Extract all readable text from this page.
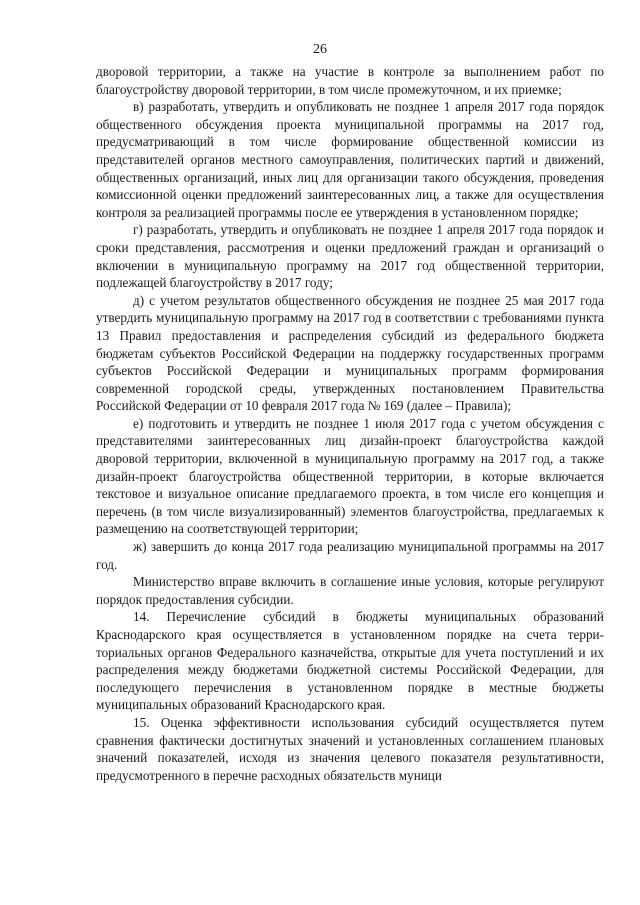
26

дворовой территории, а также на участие в контроле за выполнением работ по благоустройству дворовой территории, в том числе промежуточном, и их приемке;

в) разработать, утвердить и опубликовать не позднее 1 апреля 2017 года порядок общественного обсуждения проекта муниципальной программы на 2017 год, предусматривающий в том числе формирование общественной комиссии из представителей органов местного самоуправления, политических партий и движений, общественных организаций, иных лиц для организации такого обсуждения, проведения комиссионной оценки предложений заинтересованных лиц, а также для осуществления контроля за реализацией программы после ее утверждения в установленном порядке;

г) разработать, утвердить и опубликовать не позднее 1 апреля 2017 года порядок и сроки представления, рассмотрения и оценки предложений граждан и организаций о включении в муниципальную программу на 2017 год общественной территории, подлежащей благоустройству в 2017 году;

д) с учетом результатов общественного обсуждения не позднее 25 мая 2017 года утвердить муниципальную программу на 2017 год в соответствии с требованиями пункта 13 Правил предоставления и распределения субсидий из федерального бюджета бюджетам субъектов Российской Федерации на поддержку государственных программ субъектов Российской Федерации и муниципальных программ формирования современной городской среды, утвержденных постановлением Правительства Российской Федерации от 10 февраля 2017 года № 169 (далее – Правила);

е) подготовить и утвердить не позднее 1 июля 2017 года с учетом обсуждения с представителями заинтересованных лиц дизайн-проект благоустройства каждой дворовой территории, включенной в муниципальную программу на 2017 год, а также дизайн-проект благоустройства общественной территории, в которые включается текстовое и визуальное описание предлагаемого проекта, в том числе его концепция и перечень (в том числе визуализированный) элементов благоустройства, предлагаемых к размещению на соответствующей территории;

ж) завершить до конца 2017 года реализацию муниципальной программы на 2017 год.

Министерство вправе включить в соглашение иные условия, которые регулируют порядок предоставления субсидии.

14. Перечисление субсидий в бюджеты муниципальных образований Краснодарского края осуществляется в установленном порядке на счета территориальных органов Федерального казначейства, открытые для учета поступлений и их распределения между бюджетами бюджетной системы Российской Федерации, для последующего перечисления в установленном порядке в местные бюджеты муниципальных образований Краснодарского края.

15. Оценка эффективности использования субсидий осуществляется путем сравнения фактически достигнутых значений и установленных соглашением плановых значений показателей, исходя из значения целевого показателя результативности, предусмотренного в перечне расходных обязательств муници
